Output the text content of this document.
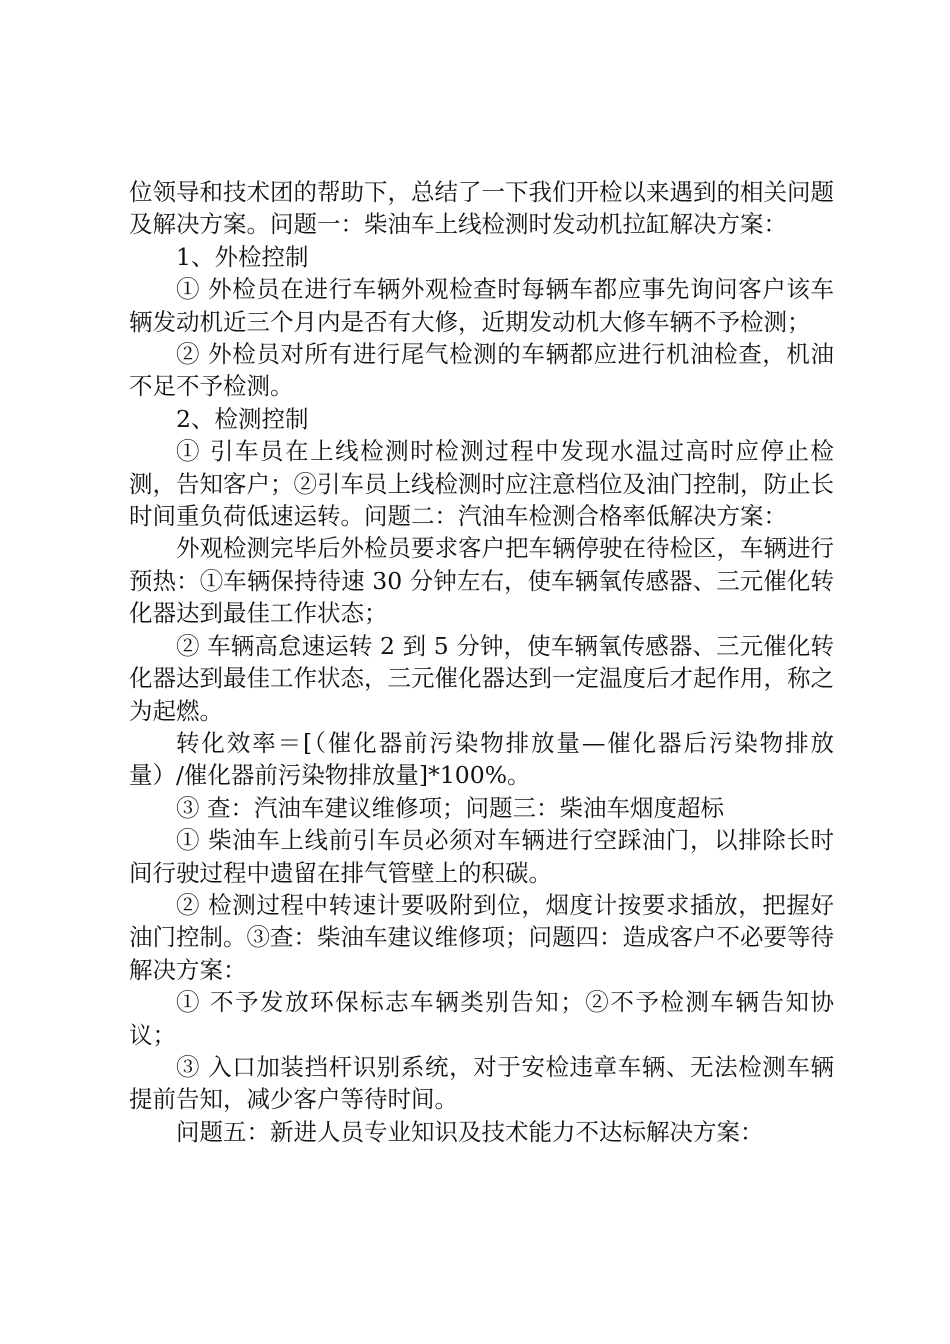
位领导和技术团的帮助下，总结了一下我们开检以来遇到的相关问题及解决方案。问题一：柴油车上线检测时发动机拉缸解决方案：

1、外检控制

① 外检员在进行车辆外观检查时每辆车都应事先询问客户该车辆发动机近三个月内是否有大修，近期发动机大修车辆不予检测；

② 外检员对所有进行尾气检测的车辆都应进行机油检查，机油不足不予检测。

2、检测控制

① 引车员在上线检测时检测过程中发现水温过高时应停止检测，告知客户；②引车员上线检测时应注意档位及油门控制，防止长时间重负荷低速运转。问题二：汽油车检测合格率低解决方案：

外观检测完毕后外检员要求客户把车辆停驶在待检区，车辆进行预热：①车辆保持待速 30 分钟左右，使车辆氧传感器、三元催化转化器达到最佳工作状态；

② 车辆高怠速运转 2 到 5 分钟，使车辆氧传感器、三元催化转化器达到最佳工作状态，三元催化器达到一定温度后才起作用，称之为起燃。

转化效率＝[（催化器前污染物排放量—催化器后污染物排放量）/催化器前污染物排放量]*100%。

③ 查：汽油车建议维修项；问题三：柴油车烟度超标

① 柴油车上线前引车员必须对车辆进行空踩油门，以排除长时间行驶过程中遗留在排气管壁上的积碳。

② 检测过程中转速计要吸附到位，烟度计按要求插放，把握好油门控制。③查：柴油车建议维修项；问题四：造成客户不必要等待解决方案：

① 不予发放环保标志车辆类别告知；②不予检测车辆告知协议；

③ 入口加装挡杆识别系统，对于安检违章车辆、无法检测车辆提前告知，减少客户等待时间。

问题五：新进人员专业知识及技术能力不达标解决方案：
